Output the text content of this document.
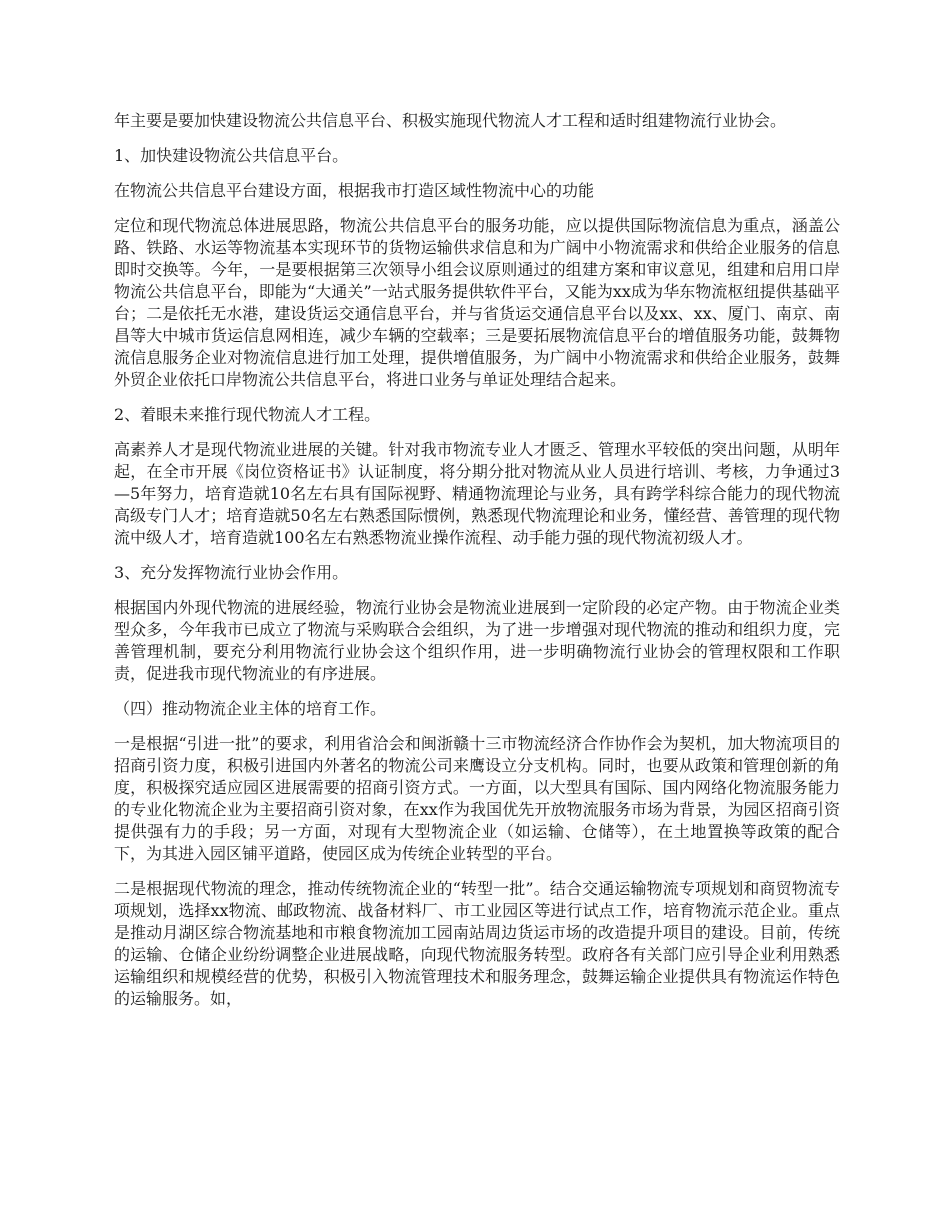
年主要是要加快建设物流公共信息平台、积极实施现代物流人才工程和适时组建物流行业协会。

1、加快建设物流公共信息平台。

在物流公共信息平台建设方面，根据我市打造区域性物流中心的功能

定位和现代物流总体进展思路，物流公共信息平台的服务功能，应以提供国际物流信息为重点，涵盖公路、铁路、水运等物流基本实现环节的货物运输供求信息和为广阔中小物流需求和供给企业服务的信息即时交换等。今年，一是要根据第三次领导小组会议原则通过的组建方案和审议意见，组建和启用口岸物流公共信息平台，即能为“大通关”一站式服务提供软件平台，又能为xx成为华东物流枢纽提供基础平台；二是依托无水港，建设货运交通信息平台，并与省货运交通信息平台以及xx、xx、厦门、南京、南昌等大中城市货运信息网相连，减少车辆的空载率；三是要拓展物流信息平台的增值服务功能，鼓舞物流信息服务企业对物流信息进行加工处理，提供增值服务，为广阔中小物流需求和供给企业服务，鼓舞外贸企业依托口岸物流公共信息平台，将进口业务与单证处理结合起来。

2、着眼未来推行现代物流人才工程。

高素养人才是现代物流业进展的关键。针对我市物流专业人才匮乏、管理水平较低的突出问题，从明年起，在全市开展《岗位资格证书》认证制度，将分期分批对物流从业人员进行培训、考核，力争通过3—5年努力，培育造就10名左右具有国际视野、精通物流理论与业务，具有跨学科综合能力的现代物流高级专门人才；培育造就50名左右熟悉国际惯例，熟悉现代物流理论和业务，懂经营、善管理的现代物流中级人才，培育造就100名左右熟悉物流业操作流程、动手能力强的现代物流初级人才。

3、充分发挥物流行业协会作用。

根据国内外现代物流的进展经验，物流行业协会是物流业进展到一定阶段的必定产物。由于物流企业类型众多，今年我市已成立了物流与采购联合会组织，为了进一步增强对现代物流的推动和组织力度，完善管理机制，要充分利用物流行业协会这个组织作用，进一步明确物流行业协会的管理权限和工作职责，促进我市现代物流业的有序进展。

（四）推动物流企业主体的培育工作。

一是根据“引进一批”的要求，利用省洽会和闽浙赣十三市物流经济合作协作会为契机，加大物流项目的招商引资力度，积极引进国内外著名的物流公司来鹰设立分支机构。同时，也要从政策和管理创新的角度，积极探究适应园区进展需要的招商引资方式。一方面，以大型具有国际、国内网络化物流服务能力的专业化物流企业为主要招商引资对象，在xx作为我国优先开放物流服务市场为背景，为园区招商引资提供强有力的手段；另一方面，对现有大型物流企业（如运输、仓储等），在土地置换等政策的配合下，为其进入园区铺平道路，使园区成为传统企业转型的平台。

二是根据现代物流的理念，推动传统物流企业的“转型一批”。结合交通运输物流专项规划和商贸物流专项规划，选择xx物流、邮政物流、战备材料厂、市工业园区等进行试点工作，培育物流示范企业。重点是推动月湖区综合物流基地和市粮食物流加工园南站周边货运市场的改造提升项目的建设。目前，传统的运输、仓储企业纷纷调整企业进展战略，向现代物流服务转型。政府各有关部门应引导企业利用熟悉运输组织和规模经营的优势，积极引入物流管理技术和服务理念，鼓舞运输企业提供具有物流运作特色的运输服务。如，
